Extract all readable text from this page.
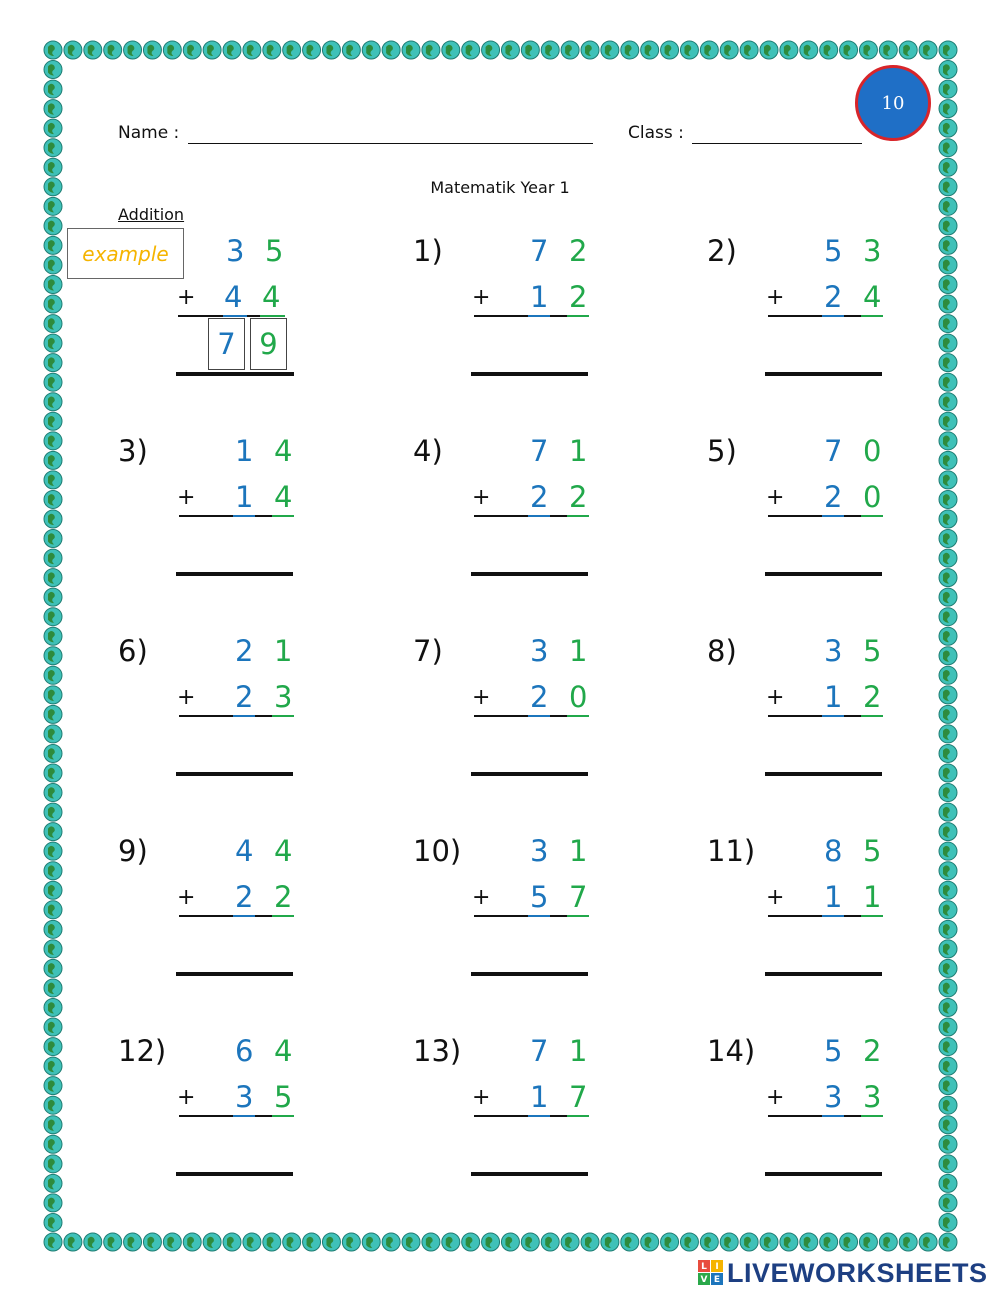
Name :	Class :
10
Matematik Year 1
Addition
example	3 5
+ 4 4
7 9
1)	7 2
+ 1 2
2)	5 3
+ 2 4
3)	1 4
+ 1 4
4)	7 1
+ 2 2
5)	7 0
+ 2 0
6)	2 1
+ 2 3
7)	3 1
+ 2 0
8)	3 5
+ 1 2
9)	4 4
+ 2 2
10) 3 1
+ 5 7
11) 8 5
+ 1 1
12) 6 4
+ 3 5
13) 7 1
+ 1 7
14) 5 2
+ 3 3
L I
V E LIVEWORKSHEETS
